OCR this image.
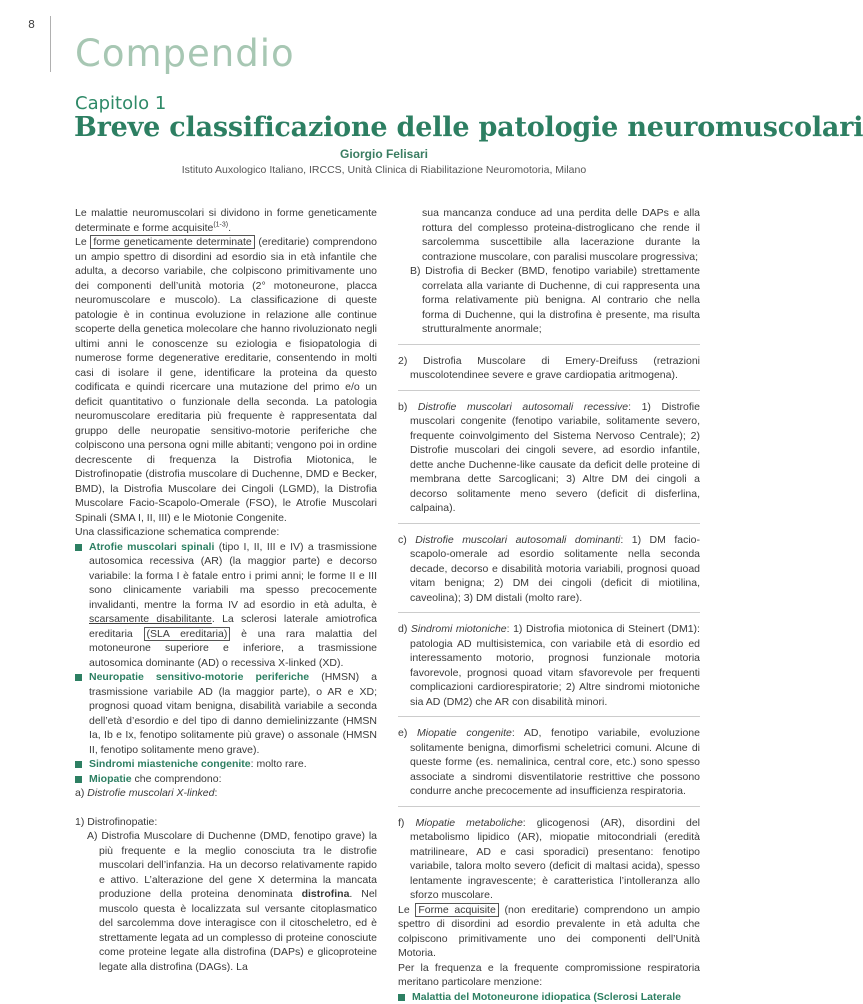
8
Compendio
Capitolo 1
Breve classificazione delle patologie neuromuscolari
Giorgio Felisari
Istituto Auxologico Italiano, IRCCS, Unità Clinica di Riabilitazione Neuromotoria, Milano

Le malattie neuromuscolari si dividono in forme geneticamente determinate e forme acquisite$^{(1-3)}$.

Le forme geneticamente determinate (ereditarie) comprendono un ampio spettro di disordini ad esordio sia in età infantile che adulta, a decorso variabile, che colpiscono primitivamente uno dei componenti dell’unità motoria (2° motoneurone, placca neuromuscolare e muscolo). La classificazione di queste patologie è in continua evoluzione in relazione alle continue scoperte della genetica molecolare che hanno rivoluzionato negli ultimi anni le conoscenze su eziologia e fisiopatologia di numerose forme degenerative ereditarie, consentendo in molti casi di isolare il gene, identificare la proteina da questo codificata e quindi ricercare una mutazione del primo e/o un deficit quantitativo o funzionale della seconda. La patologia neuromuscolare ereditaria più frequente è rappresentata dal gruppo delle neuropatie sensitivo-motorie periferiche che colpiscono una persona ogni mille abitanti; vengono poi in ordine decrescente di frequenza la Distrofia Miotonica, le Distrofinopatie (distrofia muscolare di Duchenne, DMD e Becker, BMD), la Distrofia Muscolare dei Cingoli (LGMD), la Distrofia Muscolare Facio-Scapolo-Omerale (FSO), le Atrofie Muscolari Spinali (SMA I, II, III) e le Miotonie Congenite.

Una classificazione schematica comprende:

Atrofie muscolari spinali (tipo I, II, III e IV) a trasmissione autosomica recessiva (AR) (la maggior parte) e decorso variabile: la forma I è fatale entro i primi anni; le forme II e III sono clinicamente variabili ma spesso precocemente invalidanti, mentre la forma IV ad esordio in età adulta, è scarsamente disabilitante. La sclerosi laterale amiotrofica ereditaria (SLA ereditaria) è una rara malattia del motoneurone superiore e inferiore, a trasmissione autosomica dominante (AD) o recessiva X-linked (XD).
Neuropatie sensitivo-motorie periferiche (HMSN) a trasmissione variabile AD (la maggior parte), o AR e XD; prognosi quoad vitam benigna, disabilità variabile a seconda dell’età d’esordio e del tipo di danno demielinizzante (HMSN Ia, Ib e Ix, fenotipo solitamente più grave) o assonale (HMSN II, fenotipo solitamente meno grave).
Sindromi miasteniche congenite: molto rare.
Miopatie che comprendono:

a) Distrofie muscolari X-linked:

1) Distrofinopatie:

A) Distrofia Muscolare di Duchenne (DMD, fenotipo grave) la più frequente e la meglio conosciuta tra le distrofie muscolari dell’infanzia. Ha un decorso relativamente rapido e attivo. L’alterazione del gene X determina la mancata produzione della proteina denominata distrofina. Nel muscolo questa è localizzata sul versante citoplasmatico del sarcolemma dove interagisce con il citoscheletro, ed è strettamente legata ad un complesso di proteine conosciute come proteine legate alla distrofina (DAPs) e glicoproteine legate alla distrofina (DAGs). La

sua mancanza conduce ad una perdita delle DAPs e alla rottura del complesso proteina-distroglicano che rende il sarcolemma suscettibile alla lacerazione durante la contrazione muscolare, con paralisi muscolare progressiva;

B) Distrofia di Becker (BMD, fenotipo variabile) strettamente correlata alla variante di Duchenne, di cui rappresenta una forma relativamente più benigna. Al contrario che nella forma di Duchenne, qui la distrofina è presente, ma risulta strutturalmente anormale;

2) Distrofia Muscolare di Emery-Dreifuss (retrazioni muscolotendinee severe e grave cardiopatia aritmogena).

b) Distrofie muscolari autosomali recessive: 1) Distrofie muscolari congenite (fenotipo variabile, solitamente severo, frequente coinvolgimento del Sistema Nervoso Centrale); 2) Distrofie muscolari dei cingoli severe, ad esordio infantile, dette anche Duchenne-like causate da deficit delle proteine di membrana dette Sarcoglicani; 3) Altre DM dei cingoli a decorso solitamente meno severo (deficit di disferlina, calpaina).

c) Distrofie muscolari autosomali dominanti: 1) DM facio-scapolo-omerale ad esordio solitamente nella seconda decade, decorso e disabilità motoria variabili, prognosi quoad vitam benigna; 2) DM dei cingoli (deficit di miotilina, caveolina); 3) DM distali (molto rare).

d) Sindromi miotoniche: 1) Distrofia miotonica di Steinert (DM1): patologia AD multisistemica, con variabile età di esordio ed interessamento motorio, prognosi funzionale motoria favorevole, prognosi quoad vitam sfavorevole per frequenti complicazioni cardiorespiratorie; 2) Altre sindromi miotoniche sia AD (DM2) che AR con disabilità minori.

e) Miopatie congenite: AD, fenotipo variabile, evoluzione solitamente benigna, dimorfismi scheletrici comuni. Alcune di queste forme (es. nemalinica, central core, etc.) sono spesso associate a sindromi disventilatorie restrittive che possono condurre anche precocemente ad insufficienza respiratoria.

f) Miopatie metaboliche: glicogenosi (AR), disordini del metabolismo lipidico (AR), miopatie mitocondriali (eredità matrilineare, AD e casi sporadici) presentano: fenotipo variabile, talora molto severo (deficit di maltasi acida), spesso lentamente ingravescente; è caratteristica l’intolleranza allo sforzo muscolare.

Le Forme acquisite (non ereditarie) comprendono un ampio spettro di disordini ad esordio prevalente in età adulta che colpiscono primitivamente uno dei componenti dell’Unità Motoria.

Per la frequenza e la frequente compromissione respiratoria meritano particolare menzione:

Malattia del Motoneurone idiopatica (Sclerosi Laterale
